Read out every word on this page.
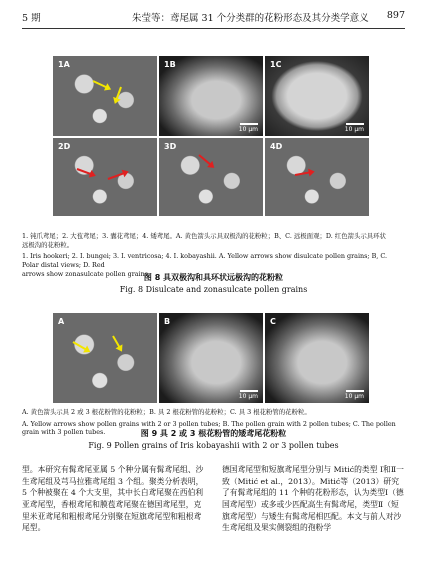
5 期	朱莹等：鸢尾属 31 个分类群的花粉形态及其分类学意义 897
1A	1B
10 μm
1C
10 μm
2D	3D	4D
1. 钝爪鸢尾；2. 大苞鸢尾；3. 囊花鸢尾；4. 矮鸢尾。A. 黄色箭头示具双极沟的花粉粒；B、C. 远极面观；D. 红色箭头示具环状
远极沟的花粉粒。
1. Iris hookeri; 2. I. bungei; 3. I. ventricosa; 4. I. kobayashii. A. Yellow arrows show disulcate pollen grains; B, C. Polar distal views; D. Red
arrows show zonasulcate pollen grains.
图 8 具双极沟和具环状远极沟的花粉粒
Fig. 8 Disulcate and zonasulcate pollen grains
A	B
10 μm
C
10 μm
A. 黄色箭头示具 2 或 3 根花粉管的花粉粒；B. 具 2 根花粉管的花粉粒；C. 具 3 根花粉管的花粉粒。
A. Yellow arrows show pollen grains with 2 or 3 pollen tubes; B. The pollen grain with 2 pollen tubes; C. The pollen grain with 3 pollen tubes.	图 9 具 2 或 3 根花粉管的矮鸢尾花粉粒
Fig. 9 Pollen grains of Iris kobayashii with 2 or 3 pollen tubes
型。本研究有髯鸢尾亚属 5 个种分属有髯鸢尾组、沙生鸢尾组及芎马拉雅鸢尾组 3 个组。聚类分析表明，5 个种被聚在 4 个大支里，其中长白鸢尾聚在西伯利亚鸢尾型，香根鸢尾和膜苞鸢尾聚在德国鸢尾型，克里米亚鸢尾和粗根鸢尾分别聚在短旗鸢尾型和粗根鸢尾型。
德国鸢尾型和短旗鸢尾型分别与 Mitić的类型 Ⅰ和Ⅱ一致（Mitić et al.，2013）。Mitić等（2013）研究了有髯鸢尾组的 11 个种的花粉形态，认为类型Ⅰ（德国鸢尾型）或多或少匹配高生有髯鸢尾，类型Ⅱ（短旗鸢尾型）与矮生有髯鸢尾相匹配。本文与前人对沙生鸢尾组及果实侧裂组的孢粉学
